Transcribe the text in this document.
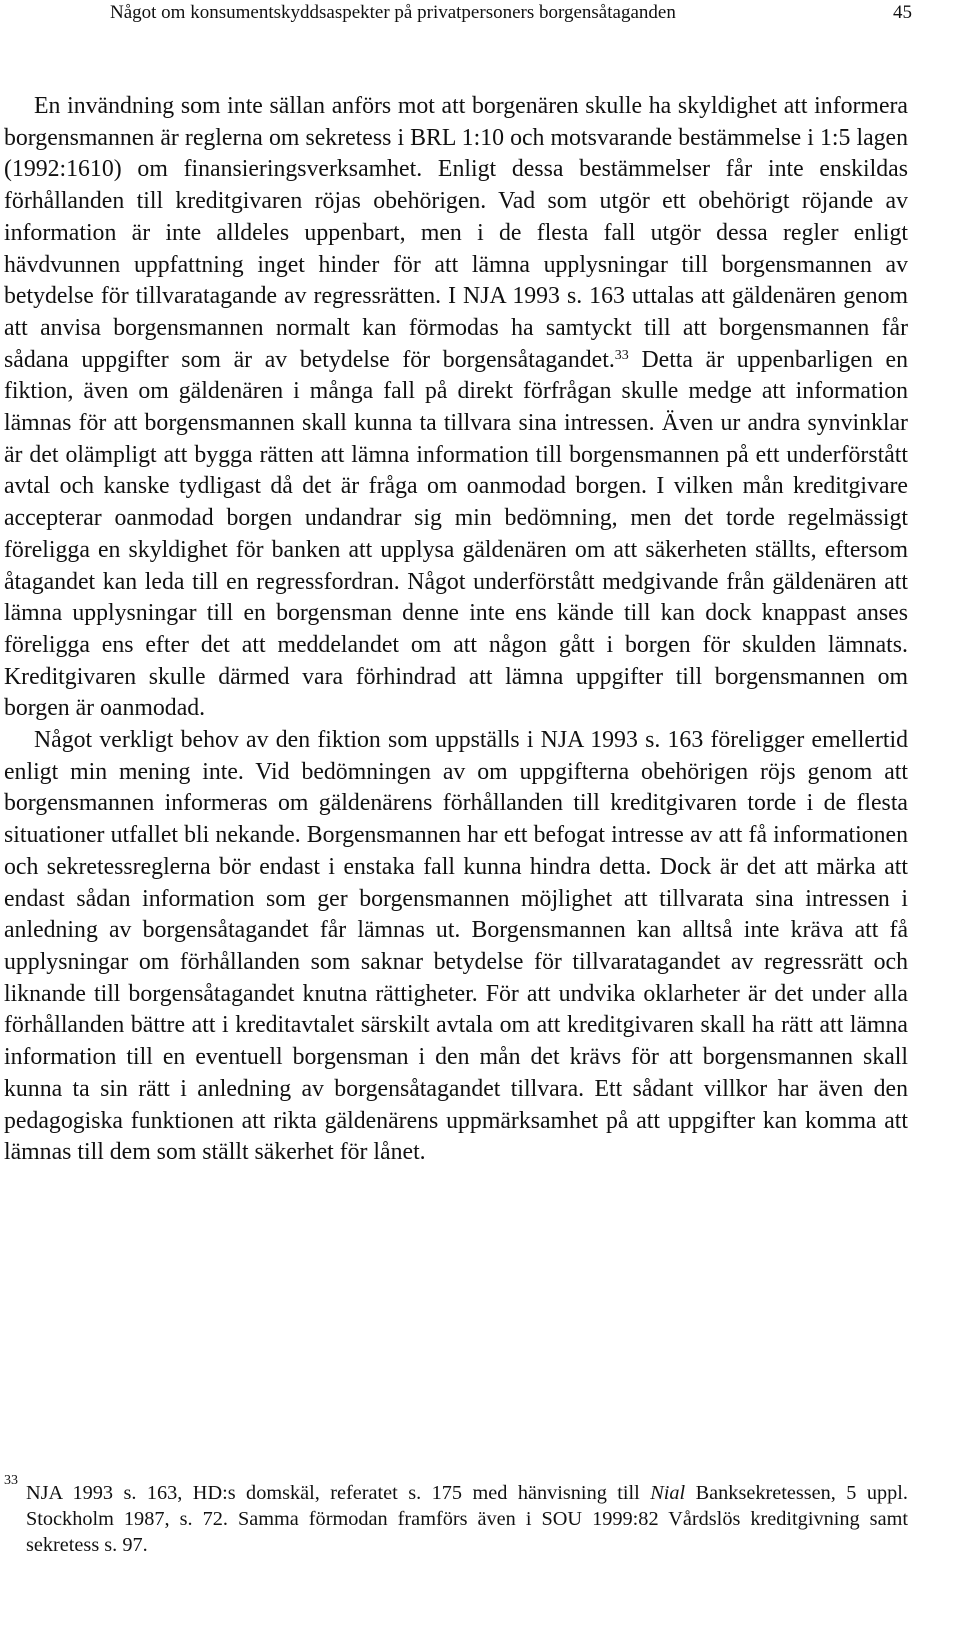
Något om konsumentskyddsaspekter på privatpersoners borgensåtaganden	45

En invändning som inte sällan anförs mot att borgenären skulle ha skyldighet att informera borgensmannen är reglerna om sekretess i BRL 1:10 och motsvarande bestämmelse i 1:5 lagen (1992:1610) om finansieringsverksamhet. Enligt dessa bestämmelser får inte enskildas förhållanden till kreditgivaren röjas obehörigen. Vad som utgör ett obehörigt röjande av information är inte alldeles uppenbart, men i de flesta fall utgör dessa regler enligt hävdvunnen uppfattning inget hinder för att lämna upplysningar till borgensmannen av betydelse för tillvaratagande av regressrätten. I NJA 1993 s. 163 uttalas att gäldenären genom att anvisa borgensmannen normalt kan förmodas ha samtyckt till att borgensmannen får sådana uppgifter som är av betydelse för borgensåtagandet.$^{33}$ Detta är uppenbarligen en fiktion, även om gäldenären i många fall på direkt förfrågan skulle medge att information lämnas för att borgensmannen skall kunna ta tillvara sina intressen. Även ur andra synvinklar är det olämpligt att bygga rätten att lämna information till borgensmannen på ett underförstått avtal och kanske tydligast då det är fråga om oanmodad borgen. I vilken mån kreditgivare accepterar oanmodad borgen undandrar sig min bedömning, men det torde regelmässigt föreligga en skyldighet för banken att upplysa gäldenären om att säkerheten ställts, eftersom åtagandet kan leda till en regressfordran. Något underförstått medgivande från gäldenären att lämna upplysningar till en borgensman denne inte ens kände till kan dock knappast anses föreligga ens efter det att meddelandet om att någon gått i borgen för skulden lämnats. Kreditgivaren skulle därmed vara förhindrad att lämna uppgifter till borgensmannen om borgen är oanmodad.

Något verkligt behov av den fiktion som uppställs i NJA 1993 s. 163 föreligger emellertid enligt min mening inte. Vid bedömningen av om uppgifterna obehörigen röjs genom att borgensmannen informeras om gäldenärens förhållanden till kreditgivaren torde i de flesta situationer utfallet bli nekande. Borgensmannen har ett befogat intresse av att få informationen och sekretessreglerna bör endast i enstaka fall kunna hindra detta. Dock är det att märka att endast sådan information som ger borgensmannen möjlighet att tillvarata sina intressen i anledning av borgensåtagandet får lämnas ut. Borgensmannen kan alltså inte kräva att få upplysningar om förhållanden som saknar betydelse för tillvaratagandet av regressrätt och liknande till borgensåtagandet knutna rättigheter. För att undvika oklarheter är det under alla förhållanden bättre att i kreditavtalet särskilt avtala om att kreditgivaren skall ha rätt att lämna information till en eventuell borgensman i den mån det krävs för att borgensmannen skall kunna ta sin rätt i anledning av borgensåtagandet tillvara. Ett sådant villkor har även den pedagogiska funktionen att rikta gäldenärens uppmärksamhet på att uppgifter kan komma att lämnas till dem som ställt säkerhet för lånet.

33
NJA 1993 s. 163, HD:s domskäl, referatet s. 175 med hänvisning till Nial Banksekretessen, 5 uppl. Stockholm 1987, s. 72. Samma förmodan framförs även i SOU 1999:82 Vårdslös kreditgivning samt sekretess s. 97.
